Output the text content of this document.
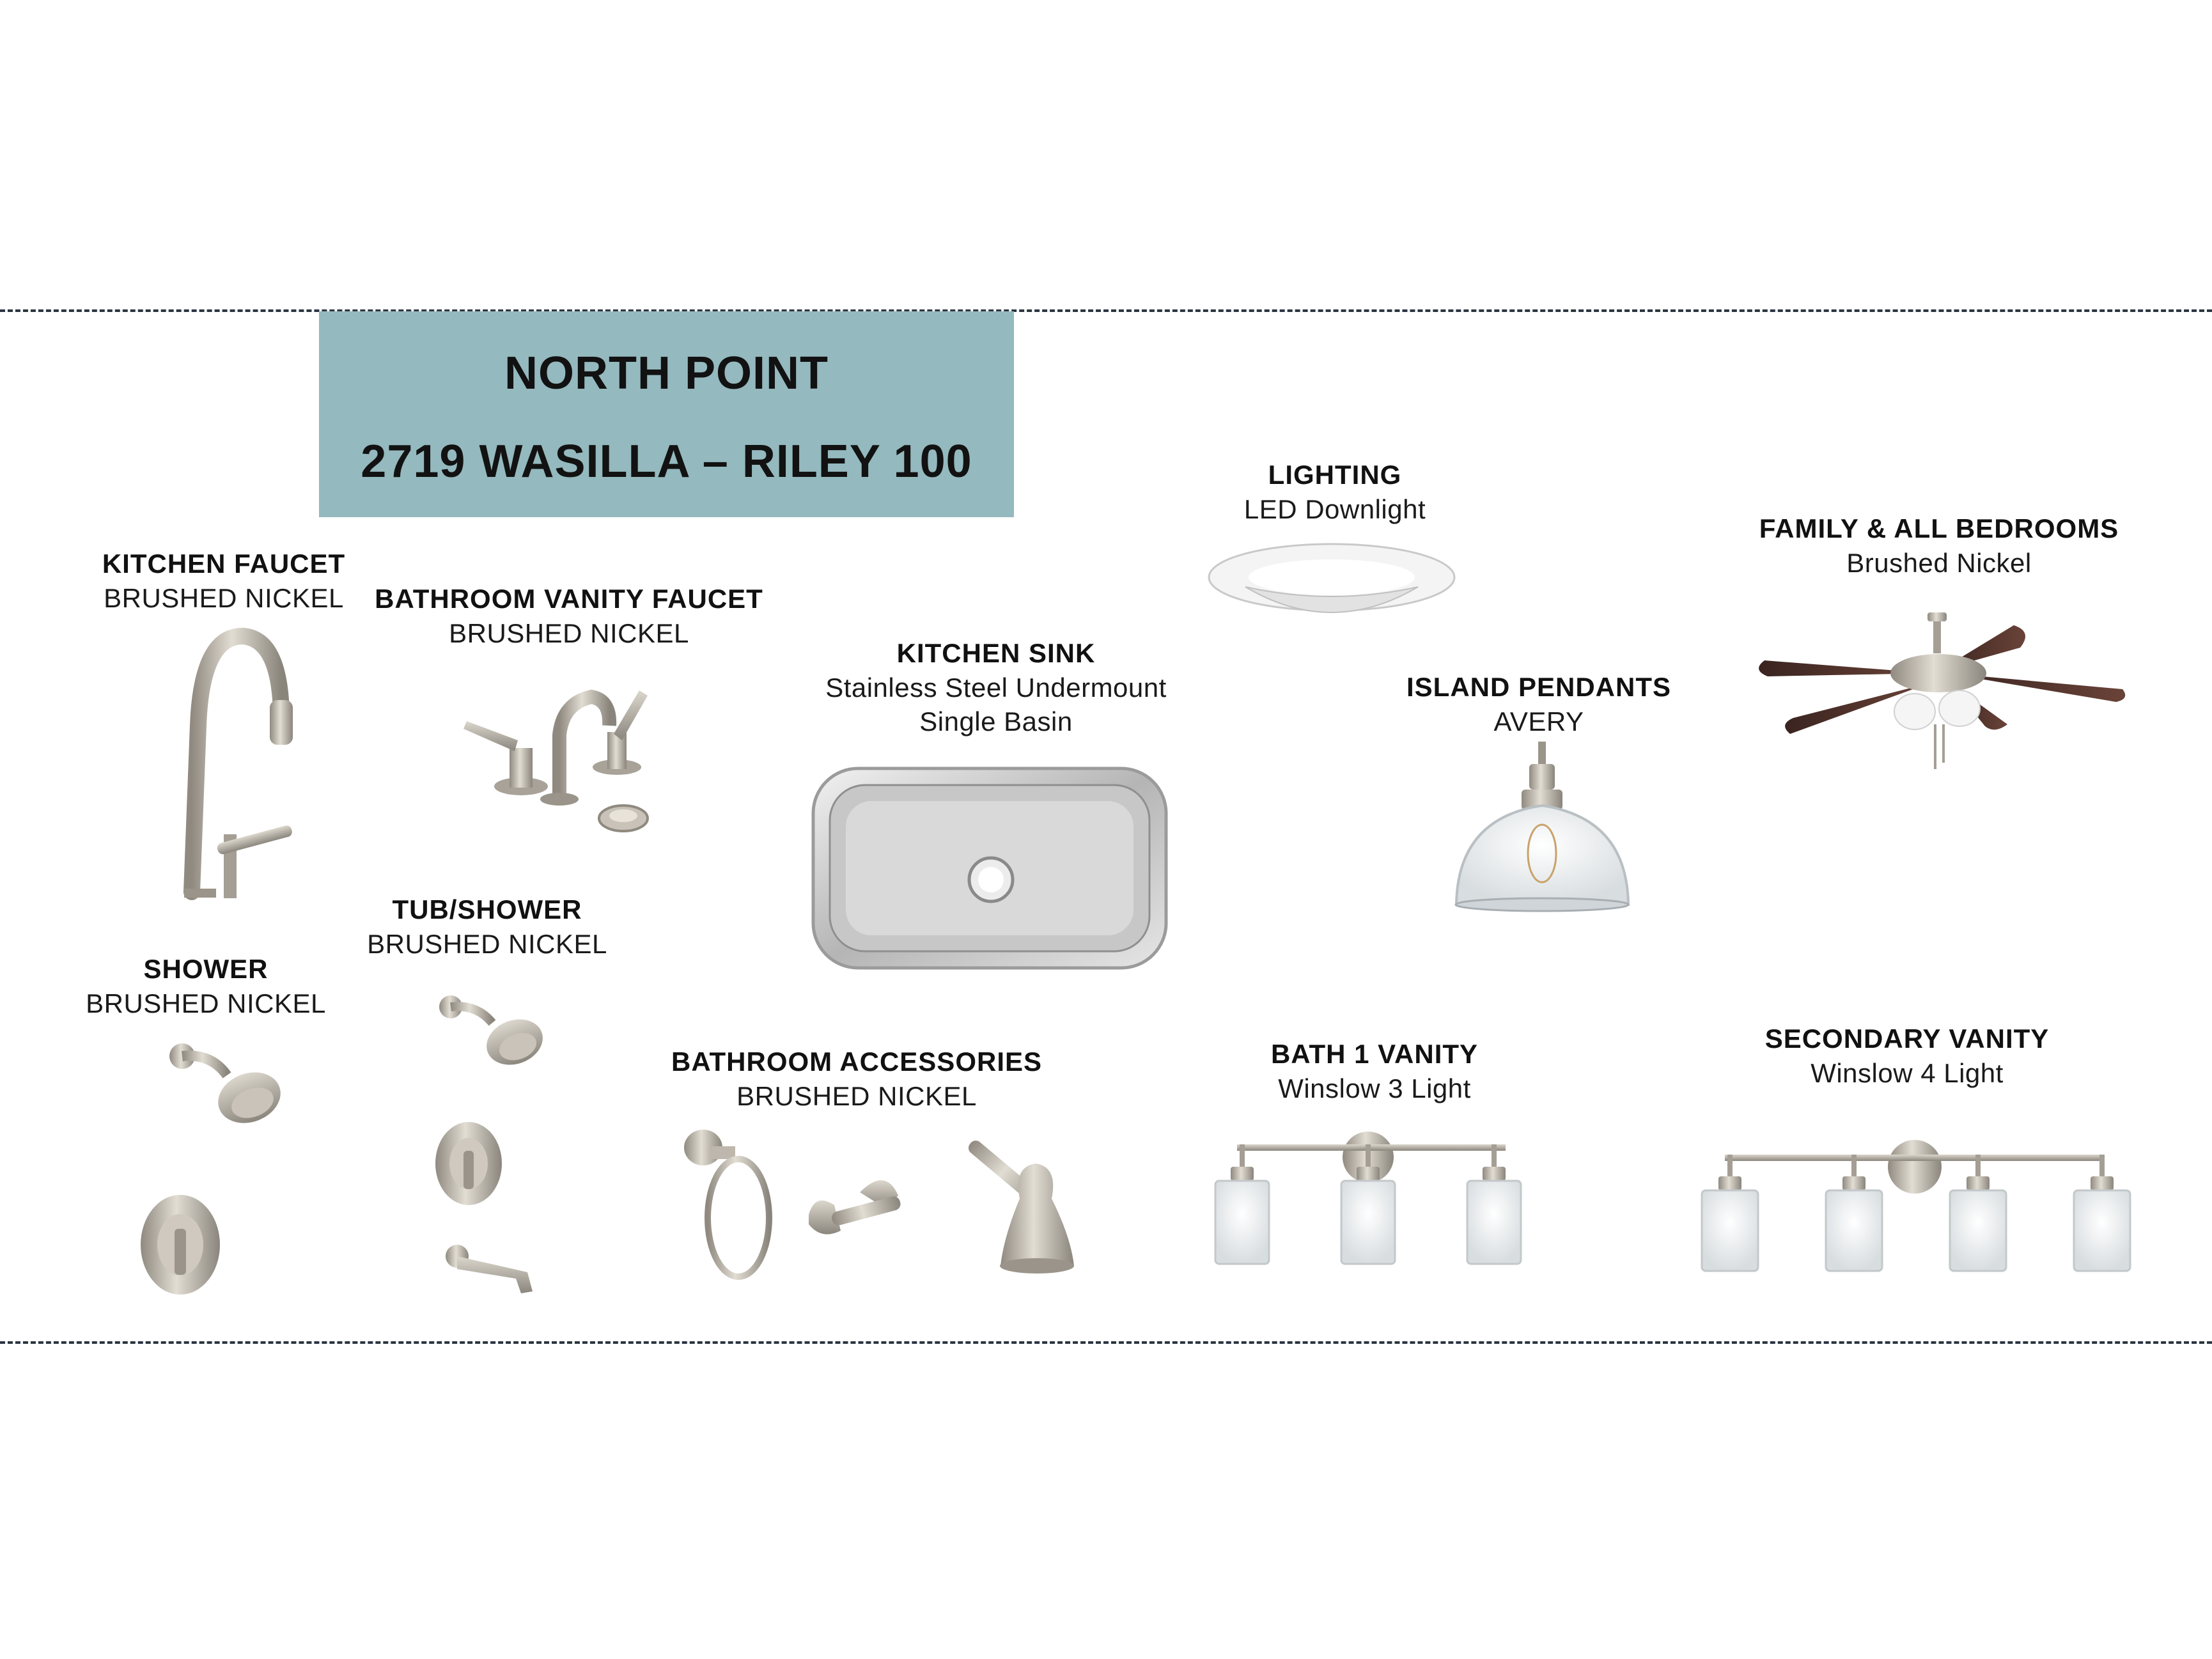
NORTH POINT
2719 WASILLA – RILEY 100
KITCHEN FAUCET
BRUSHED NICKEL BATHROOM VANITY FAUCET
BRUSHED NICKEL
KITCHEN SINK
Stainless Steel Undermount
Single Basin
LIGHTING
LED Downlight
ISLAND PENDANTS
AVERY
FAMILY & ALL BEDROOMS
Brushed Nickel
TUB/SHOWER
BRUSHED NICKEL
SHOWER
BRUSHED NICKEL
BATHROOM ACCESSORIES
BRUSHED NICKEL
BATH 1 VANITY
Winslow 3 Light
SECONDARY VANITY
Winslow 4 Light
